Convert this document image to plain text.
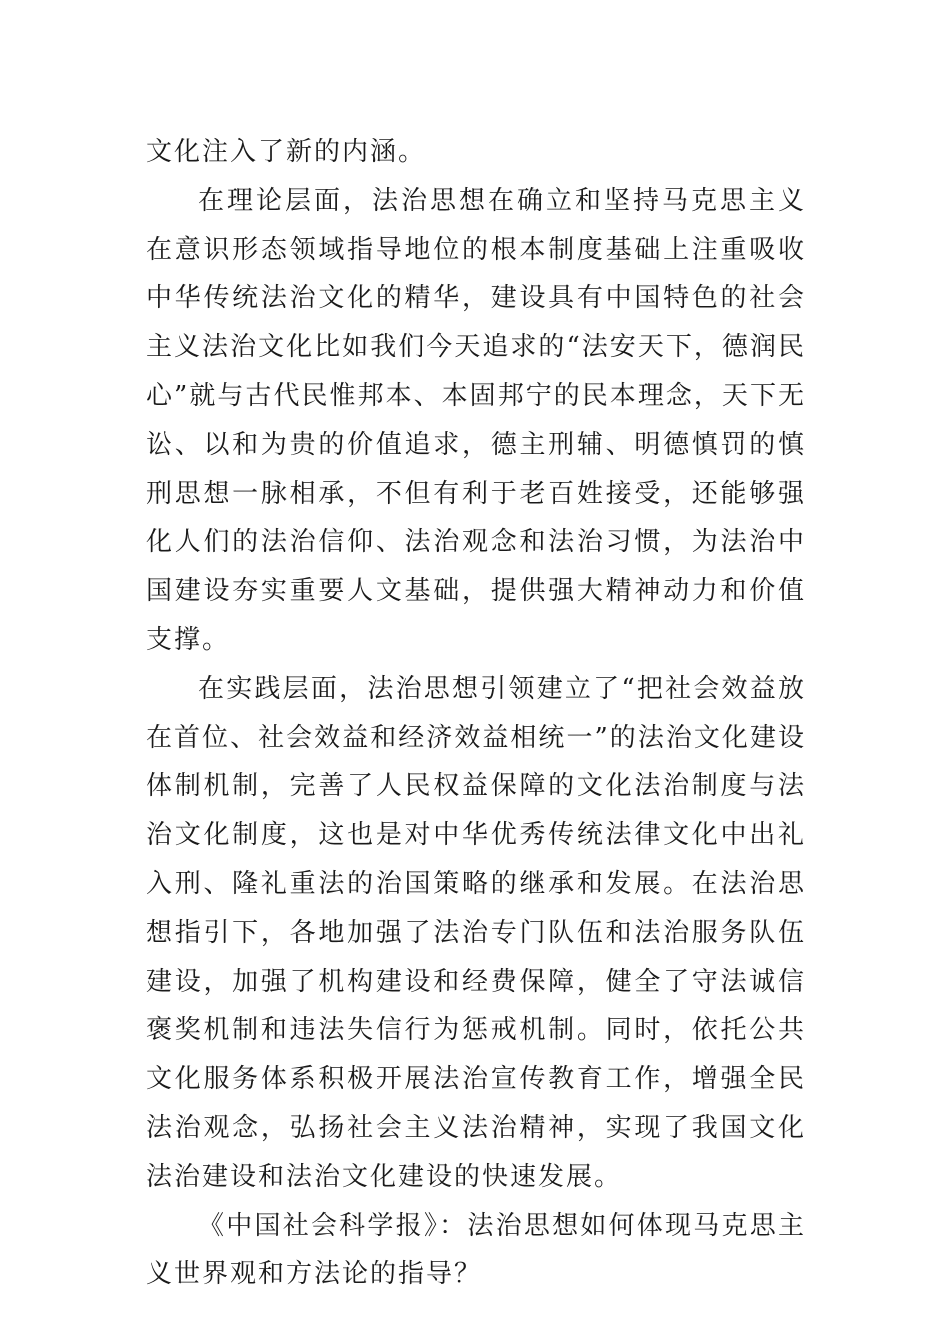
文化注入了新的内涵。

在理论层面，法治思想在确立和坚持马克思主义在意识形态领域指导地位的根本制度基础上注重吸收中华传统法治文化的精华，建设具有中国特色的社会主义法治文化比如我们今天追求的“法安天下，德润民心”就与古代民惟邦本、本固邦宁的民本理念，天下无讼、以和为贵的价值追求，德主刑辅、明德慎罚的慎刑思想一脉相承，不但有利于老百姓接受，还能够强化人们的法治信仰、法治观念和法治习惯，为法治中国建设夯实重要人文基础，提供强大精神动力和价值支撑。

在实践层面，法治思想引领建立了“把社会效益放在首位、社会效益和经济效益相统一”的法治文化建设体制机制，完善了人民权益保障的文化法治制度与法治文化制度，这也是对中华优秀传统法律文化中出礼入刑、隆礼重法的治国策略的继承和发展。在法治思想指引下，各地加强了法治专门队伍和法治服务队伍建设，加强了机构建设和经费保障，健全了守法诚信褒奖机制和违法失信行为惩戒机制。同时，依托公共文化服务体系积极开展法治宣传教育工作，增强全民法治观念，弘扬社会主义法治精神，实现了我国文化法治建设和法治文化建设的快速发展。

《中国社会科学报》：法治思想如何体现马克思主义世界观和方法论的指导？
